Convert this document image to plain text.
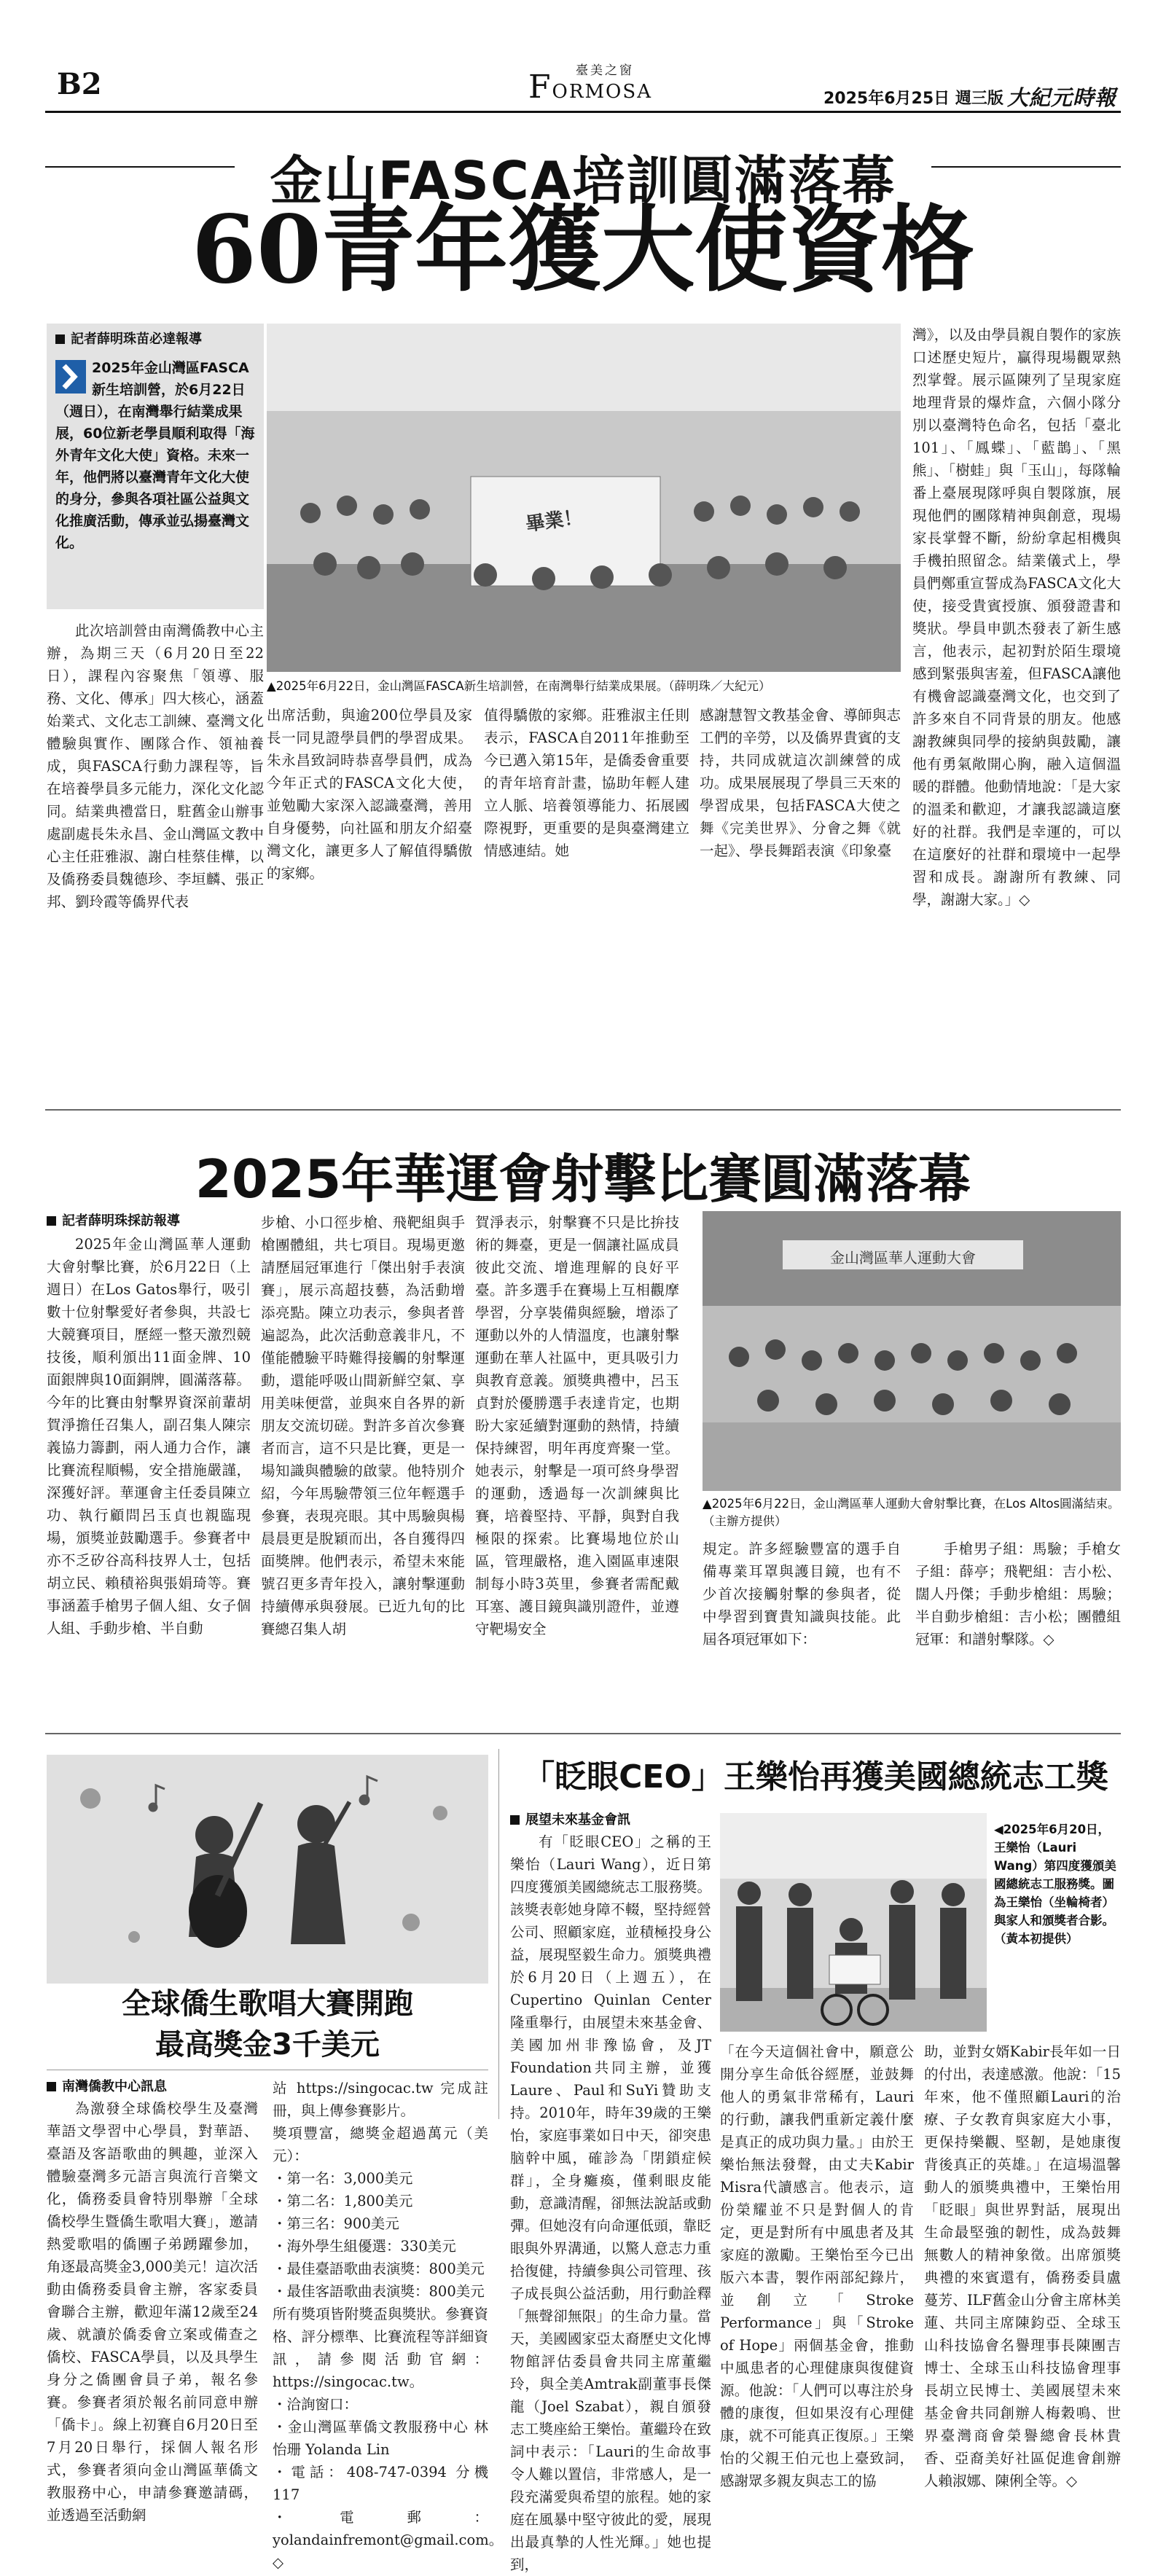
B2	臺美之窗
FORMOSA	2025年6月25日 週三版 大紀元時報
金山FASCA培訓圓滿落幕
60青年獲大使資格
記者薛明珠苗必達報導
2025年金山灣區FASCA新生培訓營，於6月22日（週日），在南灣舉行結業成果展，60位新老學員順利取得「海外青年文化大使」資格。未來一年，他們將以臺灣青年文化大使的身分，參與各項社區公益與文化推廣活動，傳承並弘揚臺灣文化。

此次培訓營由南灣僑教中心主辦，為期三天（6月20日至22日），課程內容聚焦「領導、服務、文化、傳承」四大核心，涵蓋始業式、文化志工訓練、臺灣文化體驗與實作、團隊合作、領袖養成，與FASCA行動力課程等，旨在培養學員多元能力，深化文化認同。結業典禮當日，駐舊金山辦事處副處長朱永昌、金山灣區文教中心主任莊雅淑、謝白桂蔡佳樺，以及僑務委員魏德珍、李垣麟、張正邦、劉玲霞等僑界代表

畢業！
▲2025年6月22日，金山灣區FASCA新生培訓營，在南灣舉行結業成果展。（薛明珠／大紀元）

出席活動，與逾200位學員及家長一同見證學員們的學習成果。朱永昌致詞時恭喜學員們，成為今年正式的FASCA文化大使，並勉勵大家深入認識臺灣，善用自身優勢，向社區和朋友介紹臺灣文化，讓更多人了解值得驕傲的家鄉。

值得驕傲的家鄉。莊雅淑主任則表示，FASCA自2011年推動至今已邁入第15年，是僑委會重要的青年培育計畫，協助年輕人建立人脈、培養領導能力、拓展國際視野，更重要的是與臺灣建立情感連結。她

感謝慧智文教基金會、導師與志工們的辛勞，以及僑界貴賓的支持，共同成就這次訓練營的成功。成果展展現了學員三天來的學習成果，包括FASCA大使之舞《完美世界》、分會之舞《就一起》、學長舞蹈表演《印象臺

灣》，以及由學員親自製作的家族口述歷史短片，贏得現場觀眾熱烈掌聲。展示區陳列了呈現家庭地理背景的爆炸盒，六個小隊分別以臺灣特色命名，包括「臺北101」、「鳳蝶」、「藍鵲」、「黑熊」、「樹蛙」與「玉山」，每隊輪番上臺展現隊呼與自製隊旗，展現他們的團隊精神與創意，現場家長掌聲不斷，紛紛拿起相機與手機拍照留念。結業儀式上，學員們鄭重宣誓成為FASCA文化大使，接受貴賓授旗、頒發證書和獎狀。學員申凱杰發表了新生感言，他表示，起初對於陌生環境感到緊張與害羞，但FASCA讓他有機會認識臺灣文化，也交到了許多來自不同背景的朋友。他感謝教練與同學的接納與鼓勵，讓他有勇氣敞開心胸，融入這個溫暖的群體。他動情地說：「是大家的溫柔和歡迎，才讓我認識這麼好的社群。我們是幸運的，可以在這麼好的社群和環境中一起學習和成長。謝謝所有教練、同學，謝謝大家。」◇

2025年華運會射擊比賽圓滿落幕
記者薛明珠採訪報導

2025年金山灣區華人運動大會射擊比賽，於6月22日（上週日）在Los Gatos舉行，吸引數十位射擊愛好者參與，共設七大競賽項目，歷經一整天激烈競技後，順利頒出11面金牌、10面銀牌與10面銅牌，圓滿落幕。今年的比賽由射擊界資深前輩胡賀淨擔任召集人，副召集人陳宗義協力籌劃，兩人通力合作，讓比賽流程順暢，安全措施嚴謹，深獲好評。華運會主任委員陳立功、執行顧問呂玉貞也親臨現場，頒獎並鼓勵選手。參賽者中亦不乏矽谷高科技界人士，包括胡立民、賴積裕與張娟琦等。賽事涵蓋手槍男子個人組、女子個人組、手動步槍、半自動

步槍、小口徑步槍、飛靶組與手槍團體組，共七項目。現場更邀請歷屆冠軍進行「傑出射手表演賽」，展示高超技藝，為活動增添亮點。陳立功表示，參與者普遍認為，此次活動意義非凡，不僅能體驗平時難得接觸的射擊運動，還能呼吸山間新鮮空氣、享用美味便當，並與來自各界的新朋友交流切磋。對許多首次參賽者而言，這不只是比賽，更是一場知識與體驗的啟蒙。他特別介紹，今年馬驗帶領三位年輕選手參賽，表現亮眼。其中馬驗與楊晨晨更是脫穎而出，各自獲得四面獎牌。他們表示，希望未來能號召更多青年投入，讓射擊運動持續傳承與發展。已近九旬的比賽總召集人胡

賀淨表示，射擊賽不只是比拚技術的舞臺，更是一個讓社區成員彼此交流、增進理解的良好平臺。許多選手在賽場上互相觀摩學習，分享裝備與經驗，增添了運動以外的人情溫度，也讓射擊運動在華人社區中，更具吸引力與教育意義。頒獎典禮中，呂玉貞對於優勝選手表達肯定，也期盼大家延續對運動的熱情，持續保持練習，明年再度齊聚一堂。她表示，射擊是一項可終身學習的運動，透過每一次訓練與比賽，培養堅持、平靜，與對自我極限的探索。比賽場地位於山區，管理嚴格，進入園區車速限制每小時3英里，參賽者需配戴耳塞、護目鏡與識別證件，並遵守靶場安全

金山灣區華人運動大會
▲2025年6月22日，金山灣區華人運動大會射擊比賽，在Los Altos圓滿結束。（主辦方提供）

規定。許多經驗豐富的選手自備專業耳罩與護目鏡，也有不少首次接觸射擊的參與者，從中學習到寶貴知識與技能。此屆各項冠軍如下：

手槍男子組：馬驗；手槍女子組：薛亭；飛靶組：吉小松、闊人丹傑；手動步槍組：馬驗；半自動步槍組：吉小松；團體組冠軍：和譜射擊隊。◇

全球僑生歌唱大賽開跑
最高獎金3千美元
南灣僑教中心訊息

為激發全球僑校學生及臺灣華語文學習中心學員，對華語、臺語及客語歌曲的興趣，並深入體驗臺灣多元語言與流行音樂文化，僑務委員會特別舉辦「全球僑校學生暨僑生歌唱大賽」，邀請熱愛歌唱的僑團子弟踴躍參加，角逐最高獎金3,000美元！這次活動由僑務委員會主辦，客家委員會聯合主辦，歡迎年滿12歲至24歲、就讀於僑委會立案或備查之僑校、FASCA學員，以及具學生身分之僑團會員子弟，報名參賽。參賽者須於報名前同意申辦「僑卡」。線上初賽自6月20日至7月20日舉行，採個人報名形式，參賽者須向金山灣區華僑文教服務中心，申請參賽邀請碼，並透過至活動網

站 https://singocac.tw 完成註冊，與上傳參賽影片。

獎項豐富，總獎金超過萬元（美元）：

・第一名：3,000美元

・第二名：1,800美元

・第三名：900美元

・海外學生組優選：330美元

・最佳臺語歌曲表演獎：800美元

・最佳客語歌曲表演獎：800美元

所有獎項皆附獎盃與獎狀。參賽資格、評分標準、比賽流程等詳細資訊，請參閱活動官網：https://singocac.tw。

・洽詢窗口：

・金山灣區華僑文教服務中心 林怡珊 Yolanda Lin

・電話：408-747-0394 分機117

・電郵：yolandainfremont@gmail.com。◇

「眨眼CEO」王樂怡再獲美國總統志工獎
展望未來基金會訊

有「眨眼CEO」之稱的王樂怡（Lauri Wang），近日第四度獲頒美國總統志工服務獎。該獎表彰她身障不輟，堅持經營公司、照顧家庭，並積極投身公益，展現堅毅生命力。頒獎典禮於6月20日（上週五），在Cupertino Quinlan Center隆重舉行，由展望未來基金會、美國加州非豫協會，及JT Foundation共同主辦，並獲Laure、Paul和SuYi贊助支持。2010年，時年39歲的王樂怡，家庭事業如日中天，卻突患脑幹中風，確診為「閉鎖症候群」，全身癱瘓，僅剩眼皮能動，意識清醒，卻無法說話或動彈。但她沒有向命運低頭，靠眨眼與外界溝通，以驚人意志力重拾復健，持續參與公司管理、孩子成長與公益活動，用行動詮釋「無聲卻無限」的生命力量。當天，美國國家亞太裔歷史文化博物館評估委員會共同主席董繼玲，與全美Amtrak副董事長傑龍（Joel Szabat），親自頒發志工獎座給王樂怡。董繼玲在致詞中表示：「Lauri的生命故事令人難以置信，非常感人，是一段充滿愛與希望的旅程。她的家庭在風暴中堅守彼此的愛，展現出最真摯的人性光輝。」她也提到，

◀2025年6月20日，王樂怡（Lauri Wang）第四度獲頒美國總統志工服務獎。圖為王樂怡（坐輪椅者）與家人和頒獎者合影。（黃本初提供）

「在今天這個社會中，願意公開分享生命低谷經歷，並鼓舞他人的勇氣非常稀有，Lauri的行動，讓我們重新定義什麼是真正的成功與力量。」由於王樂怡無法發聲，由丈夫Kabir Misra代讀感言。他表示，這份榮耀並不只是對個人的肯定，更是對所有中風患者及其家庭的激勵。王樂怡至今已出版六本書，製作兩部紀錄片，並創立「Stroke Performance」與「Stroke of Hope」兩個基金會，推動中風患者的心理健康與復健資源。他說：「人們可以專注於身體的康復，但如果沒有心理健康，就不可能真正復原。」王樂怡的父親王伯元也上臺致詞，感謝眾多親友與志工的協

助，並對女婿Kabir長年如一日的付出，表達感激。他說：「15年來，他不僅照顧Lauri的治療、子女教育與家庭大小事，更保持樂觀、堅韌，是她康復背後真正的英雄。」在這場溫馨動人的頒獎典禮中，王樂怡用「眨眼」與世界對話，展現出生命最堅強的韌性，成為鼓舞無數人的精神象徵。出席頒獎典禮的來賓還有，僑務委員盧蔓芳、ILF舊金山分會主席林美蓮、共同主席陳鈞亞、全球玉山科技協會名譽理事長陳團吉博士、全球玉山科技協會理事長胡立民博士、美國展望未來基金會共同創辦人梅穀鳴、世界臺灣商會榮譽總會長林貴香、亞裔美好社區促進會創辦人賴淑娜、陳俐全等。◇
